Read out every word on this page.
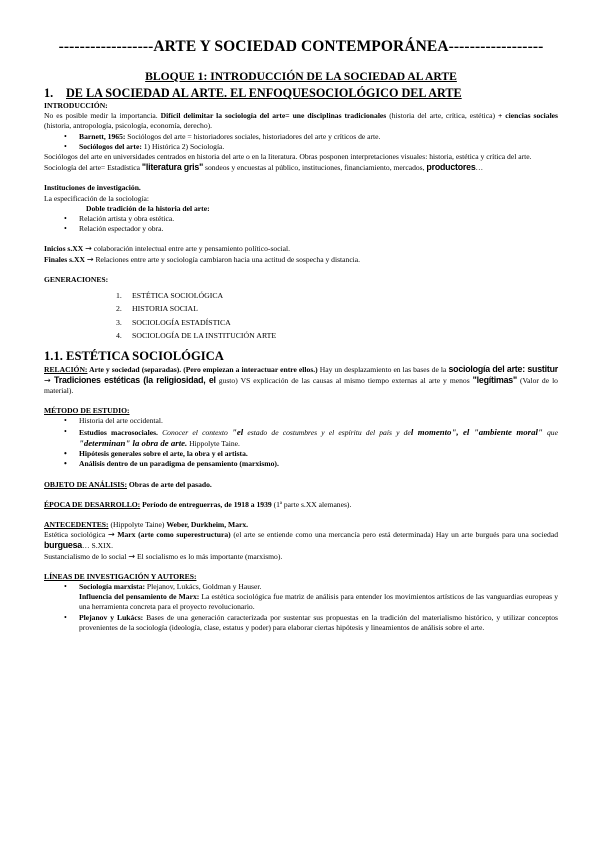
------------------ARTE Y SOCIEDAD CONTEMPORÁNEA------------------
BLOQUE 1: INTRODUCCIÓN DE LA SOCIEDAD AL ARTE
1. DE LA SOCIEDAD AL ARTE. EL ENFOQUESOCIOLÓGICO DEL ARTE

INTRODUCCIÓN:

No es posible medir la importancia. Difícil delimitar la sociología del arte= une disciplinas tradicionales (historia del arte, crítica, estética) + ciencias sociales (historia, antropología, psicología, economía, derecho).

• Barnett, 1965: Sociólogos del arte = historiadores sociales, historiadores del arte y críticos de arte.
• Sociólogos del arte: 1) Histórica 2) Sociología.

Sociólogos del arte en universidades centrados en historia del arte o en la literatura. Obras posponen interpretaciones visuales: historia, estética y crítica del arte.

Sociología del arte= Estadística "literatura gris" sondeos y encuestas al público, instituciones, financiamiento, mercados, productores…

Instituciones de investigación.

La especificación de la sociología:

Doble tradición de la historia del arte:

• Relación artista y obra estética.
• Relación espectador y obra.

Inicios s.XX → colaboración intelectual entre arte y pensamiento político-social.

Finales s.XX → Relaciones entre arte y sociología cambiaron hacia una actitud de sospecha y distancia.

GENERACIONES:

1. ESTÉTICA SOCIOLÓGICA
2. HISTORIA SOCIAL
3. SOCIOLOGÍA ESTADÍSTICA
4. SOCIOLOGÍA DE LA INSTITUCIÓN ARTE
1.1. ESTÉTICA SOCIOLÓGICA

RELACIÓN: Arte y sociedad (separadas). (Pero empiezan a interactuar entre ellos.) Hay un desplazamiento en las bases de la sociología del arte: sustitur → Tradiciones estéticas (la religiosidad, el gusto) VS explicación de las causas al mismo tiempo externas al arte y menos "legítimas" (Valor de lo material).

MÉTODO DE ESTUDIO:

• Historia del arte occidental.
• Estudios macrosociales. Conocer el contexto "el estado de costumbres y el espíritu del país y del momento", el "ambiente moral" que "determinan" la obra de arte. Hippolyte Taine.
• Hipótesis generales sobre el arte, la obra y el artista.
• Análisis dentro de un paradigma de pensamiento (marxismo).

OBJETO DE ANÁLISIS: Obras de arte del pasado.

ÉPOCA DE DESARROLLO: Período de entreguerras, de 1918 a 1939 (1ª parte s.XX alemanes).

ANTECEDENTES: (Hippolyte Taine) Weber, Durkheim, Marx.

Estética sociológica → Marx (arte como superestructura) (el arte se entiende como una mercancía pero está determinada) Hay un arte burgués para una sociedad burguesa… S.XIX.

Sustancialismo de lo social → El socialismo es lo más importante (marxismo).

LÍNEAS DE INVESTIGACIÓN Y AUTORES:

• Sociología marxista: Plejanov, Lukács, Goldman y Hauser.
Influencia del pensamiento de Marx: La estética sociológica fue matriz de análisis para entender los movimientos artísticos de las vanguardias europeas y una herramienta concreta para el proyecto revolucionario.
• Plejanov y Lukács: Bases de una generación caracterizada por sustentar sus propuestas en la tradición del materialismo histórico, y utilizar conceptos provenientes de la sociología (ideología, clase, estatus y poder) para elaborar ciertas hipótesis y lineamientos de análisis sobre el arte.
